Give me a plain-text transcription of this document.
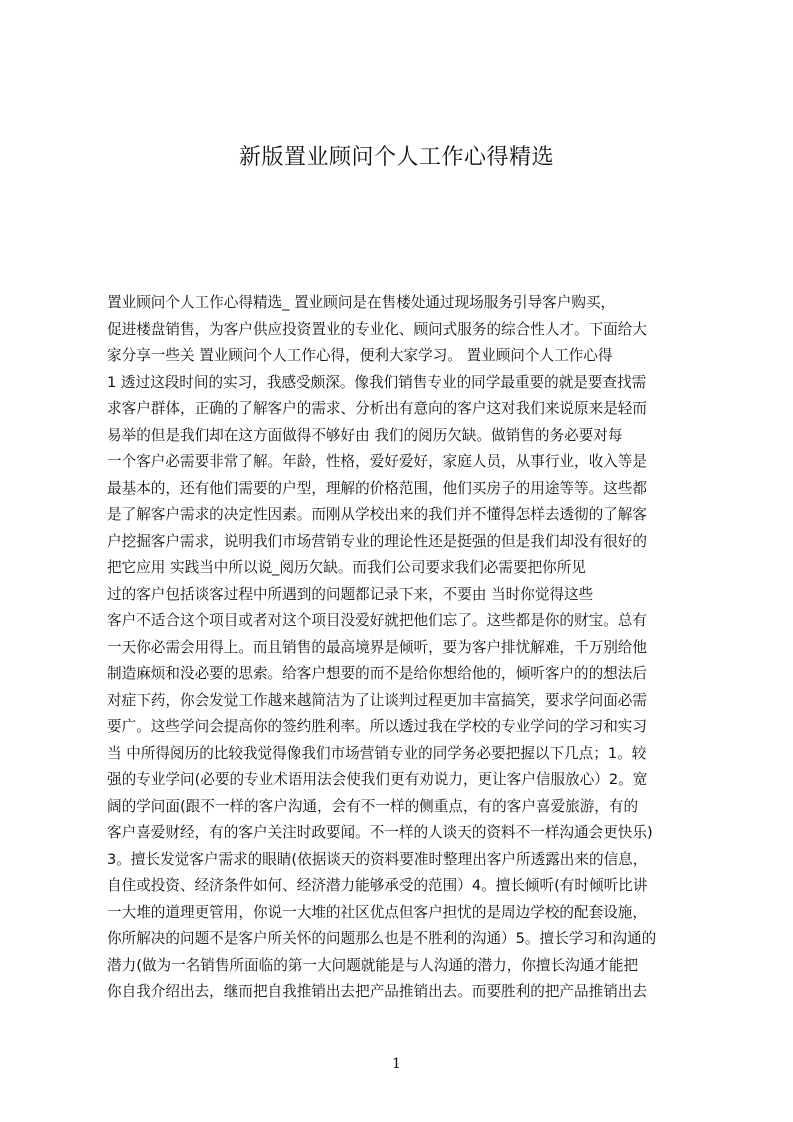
新版置业顾问个人工作心得精选
置业顾问个人工作心得精选_ 置业顾问是在售楼处通过现场服务引导客户购买，
促进楼盘销售，为客户供应投资置业的专业化、顾问式服务的综合性人才。下面给大
家分享一些关 置业顾问个人工作心得，便利大家学习。 置业顾问个人工作心得
1 透过这段时间的实习，我感受颇深。像我们销售专业的同学最重要的就是要查找需
求客户群体，正确的了解客户的需求、分析出有意向的客户这对我们来说原来是轻而
易举的但是我们却在这方面做得不够好由 我们的阅历欠缺。做销售的务必要对每
一个客户必需要非常了解。年龄，性格，爱好爱好，家庭人员，从事行业，收入等是
最基本的，还有他们需要的户型，理解的价格范围，他们买房子的用途等等。这些都
是了解客户需求的决定性因素。而刚从学校出来的我们并不懂得怎样去透彻的了解客
户挖掘客户需求，说明我们市场营销专业的理论性还是挺强的但是我们却没有很好的
把它应用 实践当中所以说_阅历欠缺。而我们公司要求我们必需要把你所见
过的客户包括谈客过程中所遇到的问题都记录下来，不要由 当时你觉得这些
客户不适合这个项目或者对这个项目没爱好就把他们忘了。这些都是你的财宝。总有
一天你必需会用得上。而且销售的最高境界是倾听，要为客户排忧解难，千万别给他
制造麻烦和没必要的思索。给客户想要的而不是给你想给他的，倾听客户的的想法后
对症下药，你会发觉工作越来越简洁为了让谈判过程更加丰富搞笑，要求学问面必需
要广。这些学问会提高你的签约胜利率。所以透过我在学校的专业学问的学习和实习
当 中所得阅历的比较我觉得像我们市场营销专业的同学务必要把握以下几点；1。较
强的专业学问(必要的专业术语用法会使我们更有劝说力，更让客户信服放心）2。宽
阔的学问面(跟不一样的客户沟通，会有不一样的侧重点，有的客户喜爱旅游，有的
客户喜爱财经，有的客户关注时政要闻。不一样的人谈天的资料不一样沟通会更快乐)
3。擅长发觉客户需求的眼睛(依据谈天的资料要准时整理出客户所透露出来的信息，
自住或投资、经济条件如何、经济潜力能够承受的范围）4。擅长倾听(有时倾听比讲
一大堆的道理更管用，你说一大堆的社区优点但客户担忧的是周边学校的配套设施，
你所解决的问题不是客户所关怀的问题那么也是不胜利的沟通）5。擅长学习和沟通的
潜力(做为一名销售所面临的第一大问题就能是与人沟通的潜力，你擅长沟通才能把
你自我介绍出去，继而把自我推销出去把产品推销出去。而要胜利的把产品推销出去
1
